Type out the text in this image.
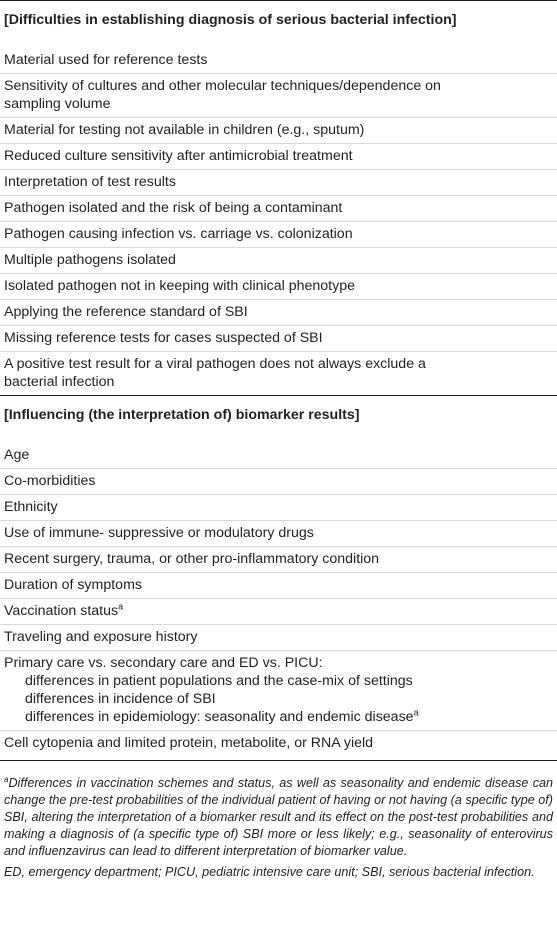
[Difficulties in establishing diagnosis of serious bacterial infection]
Material used for reference tests
Sensitivity of cultures and other molecular techniques/dependence on
sampling volume
Material for testing not available in children (e.g., sputum)
Reduced culture sensitivity after antimicrobial treatment
Interpretation of test results
Pathogen isolated and the risk of being a contaminant
Pathogen causing infection vs. carriage vs. colonization
Multiple pathogens isolated
Isolated pathogen not in keeping with clinical phenotype
Applying the reference standard of SBI
Missing reference tests for cases suspected of SBI
A positive test result for a viral pathogen does not always exclude a
bacterial infection
[Influencing (the interpretation of) biomarker results]
Age
Co-morbidities
Ethnicity
Use of immune- suppressive or modulatory drugs
Recent surgery, trauma, or other pro-inflammatory condition
Duration of symptoms
Vaccination status$^a$
Traveling and exposure history
Primary care vs. secondary care and ED vs. PICU:
differences in patient populations and the case-mix of settings
differences in incidence of SBI
differences in epidemiology: seasonality and endemic disease$^a$
Cell cytopenia and limited protein, metabolite, or RNA yield

$^a$Differences in vaccination schemes and status, as well as seasonality and endemic disease can change the pre-test probabilities of the individual patient of having or not having (a specific type of) SBI, altering the interpretation of a biomarker result and its effect on the post-test probabilities and making a diagnosis of (a specific type of) SBI more or less likely; e.g., seasonality of enterovirus and influenzavirus can lead to different interpretation of biomarker value.

ED, emergency department; PICU, pediatric intensive care unit; SBI, serious bacterial infection.
